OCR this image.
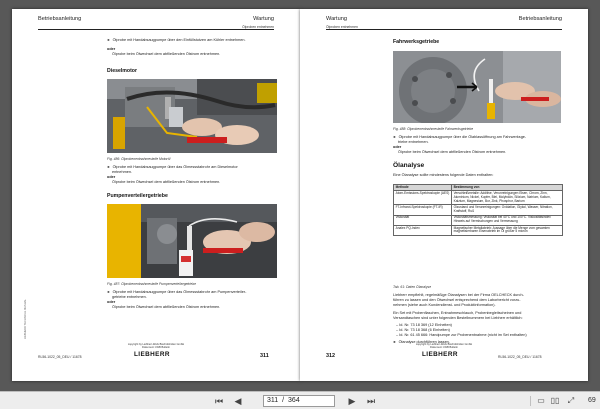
Betriebsanleitung	Wartung
Ölproben entnehmen
► Ölprobe mit Handabsaugpumpe über den Einfüllstutzen am Kühler entnehmen.
oder
Ölprobe beim Ölwechsel dem abfließenden Ölstrom entnehmen.
Dieselmotor
Fig. 486: Ölprobenentnahmestelle Motoröl
► Ölprobe mit Handabsaugpumpe über das Ölmessstabrohr am Dieselmotor
entnehmen.
oder
Ölprobe beim Ölwechsel dem abfließenden Ölstrom entnehmen.
Pumpenverteilergetriebe
Fig. 487: Ölprobenentnahmestelle Pumpenverteilergetriebe
► Ölprobe mit Handabsaugpumpe über das Ölmessstabrohr am Pumpenverteiler-
getriebe entnehmen.
oder
Ölprobe beim Ölwechsel dem abfließenden Ölstrom entnehmen.
LIEBHERR TECHNICAL MANUAL
RL56-1022_05_DEU / 11678
copyright by Liebherr-Werk Bischofshofen GmbH
Dokument: LWB Bulletin
LIEBHERR	311
Wartung	Betriebsanleitung
Ölproben entnehmen
Fahrwerksgetriebe
Fig. 488: Ölprobenentnahmestelle Fahrwerksgetriebe
► Ölprobe mit Handabsaugpumpe über die Ölablassöffnung am Fahrwerksge-
triebe entnehmen.
oder
Ölprobe beim Ölwechsel dem abfließenden Ölstrom entnehmen.
Ölanalyse
Eine Ölanalyse sollte mindestens folgende Daten enthalten:
Methode	Bestimmung von
Atom-Emissions-Spektroskopie (AES)	Verschleißmetalle: Additive, Verunreinigungen Eisen, Chrom, Zinn, Aluminium, Nickel, Kupfer, Blei, Molybdän, Silizium, Natrium, Kalium, Kalzium, Magnesium, Bor, Zink, Phosphor, Barium
FT-Infrarot-Spektroskopie (FT-IR)	Ölzustand und Verunreinigungen: Oxidation, Glykol, Wasser, Nitration, Kraftstoff, Ruß
Viskosität	Viskositätsmessung: Viskosität bei 40°C und 100°C. Viskositätsindex Hinweis auf Vermischungen und Vermessung
Analex PQ-Index	Magnetischer Metallabrieb: Aussage über die Menge vom gesamten magnetisierbaren Eisenabrieb im Öl größer 5 micron
Tab. 61: Daten Ölanalyse
Liebherr empfiehlt, regelmäßige Ölanalysen bei der Firma OELCHECK durch-
führen zu lassen und den Ölwechsel entsprechend dem Laborbericht vorzu-
nehmen (siehe auch Kundendienst- und Produktinformation).
Ein Set mit Probenflaschen, Entnahmeschlauch, Probenbegleitscheinen und
Versandtaschen sind unter folgenden Bestellnummern bei Liebherr erhältlich:
– Id. Nr. 73 18 369 (12 Einheiten)
– Id. Nr. 73 18 368 (6 Einheiten)
– Id. Nr. 61 45 666: Handpumpe zur Probenentnahme (nicht im Set enthalten)
► Ölanalyse durchführen lassen.
312
copyright by Liebherr-Werk Bischofshofen GmbH
Dokument: LWB Bulletin
LIEBHERR	RL56-1022_05_DEU / 11678
⏮ ◀	311 / 364	▶ ⏭	▭ ▯▯ ⤢ 69
